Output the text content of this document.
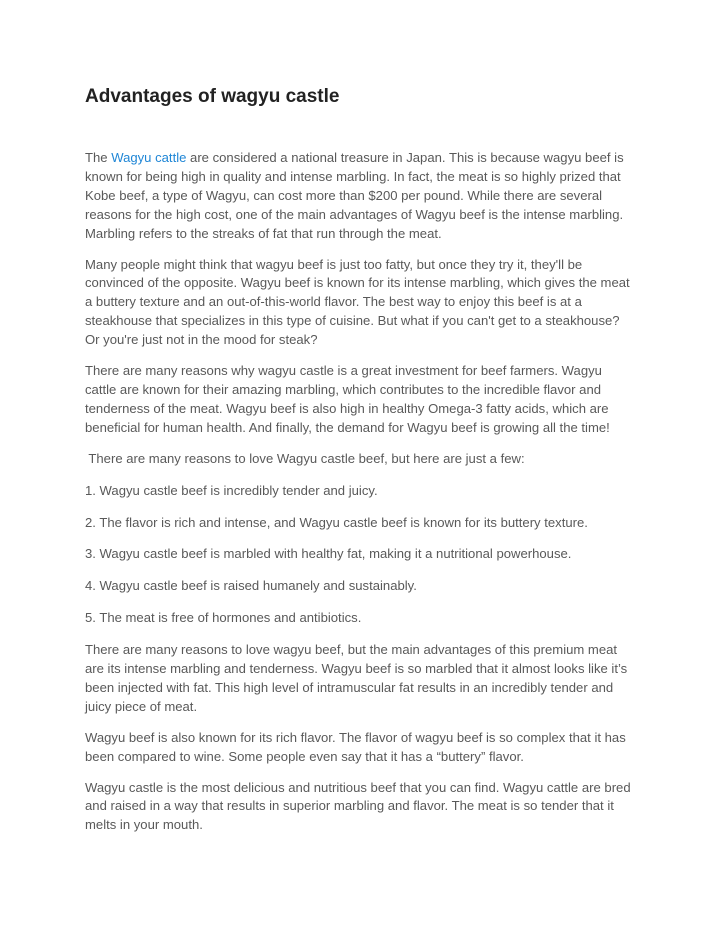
Advantages of wagyu castle

The Wagyu cattle are considered a national treasure in Japan. This is because wagyu beef is known for being high in quality and intense marbling. In fact, the meat is so highly prized that Kobe beef, a type of Wagyu, can cost more than $200 per pound. While there are several reasons for the high cost, one of the main advantages of Wagyu beef is the intense marbling. Marbling refers to the streaks of fat that run through the meat.

Many people might think that wagyu beef is just too fatty, but once they try it, they'll be convinced of the opposite. Wagyu beef is known for its intense marbling, which gives the meat a buttery texture and an out-of-this-world flavor. The best way to enjoy this beef is at a steakhouse that specializes in this type of cuisine. But what if you can't get to a steakhouse? Or you're just not in the mood for steak?

There are many reasons why wagyu castle is a great investment for beef farmers. Wagyu cattle are known for their amazing marbling, which contributes to the incredible flavor and tenderness of the meat. Wagyu beef is also high in healthy Omega-3 fatty acids, which are beneficial for human health. And finally, the demand for Wagyu beef is growing all the time!

There are many reasons to love Wagyu castle beef, but here are just a few:

1. Wagyu castle beef is incredibly tender and juicy.

2. The flavor is rich and intense, and Wagyu castle beef is known for its buttery texture.

3. Wagyu castle beef is marbled with healthy fat, making it a nutritional powerhouse.

4. Wagyu castle beef is raised humanely and sustainably.

5. The meat is free of hormones and antibiotics.

There are many reasons to love wagyu beef, but the main advantages of this premium meat are its intense marbling and tenderness. Wagyu beef is so marbled that it almost looks like it’s been injected with fat. This high level of intramuscular fat results in an incredibly tender and juicy piece of meat.

Wagyu beef is also known for its rich flavor. The flavor of wagyu beef is so complex that it has been compared to wine. Some people even say that it has a “buttery” flavor.

Wagyu castle is the most delicious and nutritious beef that you can find. Wagyu cattle are bred and raised in a way that results in superior marbling and flavor. The meat is so tender that it melts in your mouth.
